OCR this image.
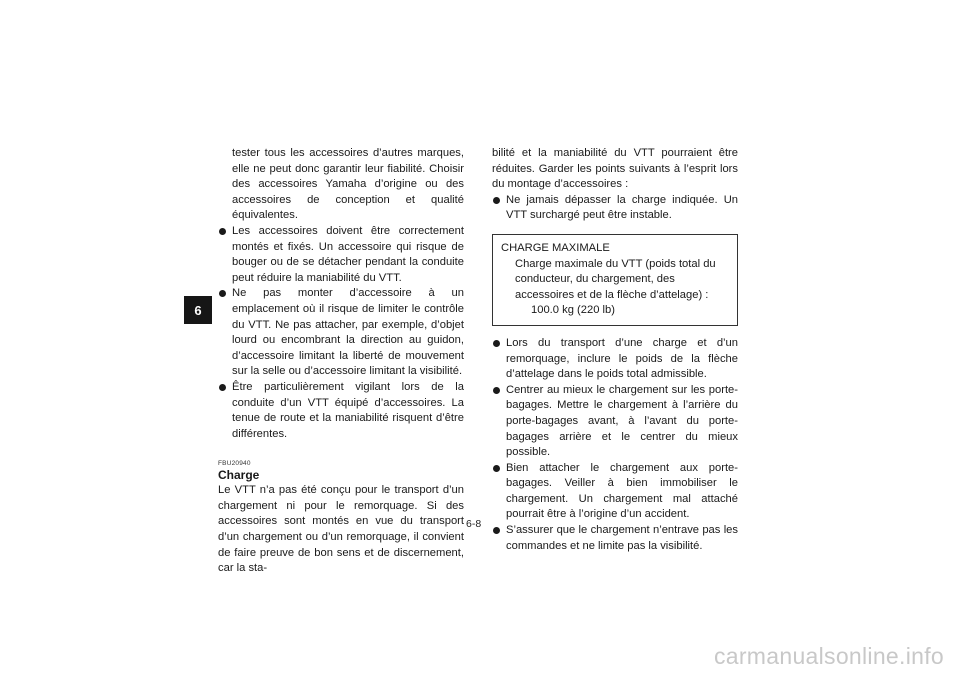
6

tester tous les accessoires d’autres marques, elle ne peut donc garantir leur fiabilité. Choisir des accessoires Yamaha d’origine ou des accessoires de conception et qualité équivalentes.

Les accessoires doivent être correctement montés et fixés. Un accessoire qui risque de bouger ou de se détacher pendant la conduite peut réduire la maniabilité du VTT.

Ne pas monter d’accessoire à un emplacement où il risque de limiter le contrôle du VTT. Ne pas attacher, par exemple, d’objet lourd ou encombrant la direction au guidon, d’accessoire limitant la liberté de mouvement sur la selle ou d’accessoire limitant la visibilité.

Être particulièrement vigilant lors de la conduite d’un VTT équipé d’accessoires. La tenue de route et la maniabilité risquent d’être différentes.

FBU20940
Charge

Le VTT n’a pas été conçu pour le transport d’un chargement ni pour le remorquage. Si des accessoires sont montés en vue du transport d’un chargement ou d’un remorquage, il convient de faire preuve de bon sens et de discernement, car la sta-

bilité et la maniabilité du VTT pourraient être réduites. Garder les points suivants à l’esprit lors du montage d’accessoires :

Ne jamais dépasser la charge indiquée. Un VTT surchargé peut être instable.

CHARGE MAXIMALE
Charge maximale du VTT (poids total du conducteur, du chargement, des accessoires et de la flèche d’attelage) :
100.0 kg (220 lb)

Lors du transport d’une charge et d’un remorquage, inclure le poids de la flèche d’attelage dans le poids total admissible.

Centrer au mieux le chargement sur les porte-bagages. Mettre le chargement à l’arrière du porte-bagages avant, à l’avant du porte-bagages arrière et le centrer du mieux possible.

Bien attacher le chargement aux porte-bagages. Veiller à bien immobiliser le chargement. Un chargement mal attaché pourrait être à l’origine d’un accident.

S’assurer que le chargement n’entrave pas les commandes et ne limite pas la visibilité.

6-8
carmanualsonline.info
